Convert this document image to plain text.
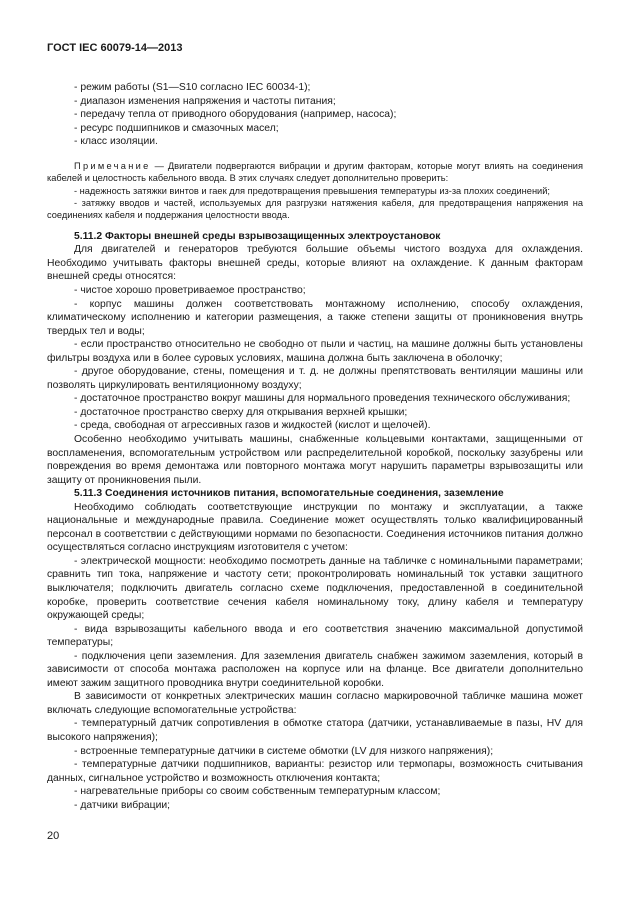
ГОСТ IEC 60079-14—2013

- режим работы (S1—S10 согласно IEC 60034-1);

- диапазон изменения напряжения и частоты питания;

- передачу тепла от приводного оборудования (например, насоса);

- ресурс подшипников и смазочных масел;

- класс изоляции.

Примечание — Двигатели подвергаются вибрации и другим факторам, которые могут влиять на соединения кабелей и целостность кабельного ввода. В этих случаях следует дополнительно проверить:

- надежность затяжки винтов и гаек для предотвращения превышения температуры из-за плохих соединений;

- затяжку вводов и частей, используемых для разгрузки натяжения кабеля, для предотвращения напряжения на соединениях кабеля и поддержания целостности ввода.

5.11.2 Факторы внешней среды взрывозащищенных электроустановок

Для двигателей и генераторов требуются большие объемы чистого воздуха для охлаждения. Необходимо учитывать факторы внешней среды, которые влияют на охлаждение. К данным факторам внешней среды относятся:

- чистое хорошо проветриваемое пространство;

- корпус машины должен соответствовать монтажному исполнению, способу охлаждения, климатическому исполнению и категории размещения, а также степени защиты от проникновения внутрь твердых тел и воды;

- если пространство относительно не свободно от пыли и частиц, на машине должны быть установлены фильтры воздуха или в более суровых условиях, машина должна быть заключена в оболочку;

- другое оборудование, стены, помещения и т. д. не должны препятствовать вентиляции машины или позволять циркулировать вентиляционному воздуху;

- достаточное пространство вокруг машины для нормального проведения технического обслуживания;

- достаточное пространство сверху для открывания верхней крышки;

- среда, свободная от агрессивных газов и жидкостей (кислот и щелочей).

Особенно необходимо учитывать машины, снабженные кольцевыми контактами, защищенными от воспламенения, вспомогательным устройством или распределительной коробкой, поскольку зазубрены или повреждения во время демонтажа или повторного монтажа могут нарушить параметры взрывозащиты или защиту от проникновения пыли.

5.11.3 Соединения источников питания, вспомогательные соединения, заземление

Необходимо соблюдать соответствующие инструкции по монтажу и эксплуатации, а также национальные и международные правила. Соединение может осуществлять только квалифицированный персонал в соответствии с действующими нормами по безопасности. Соединения источников питания должно осуществляться согласно инструкциям изготовителя с учетом:

- электрической мощности: необходимо посмотреть данные на табличке с номинальными параметрами; сравнить тип тока, напряжение и частоту сети; проконтролировать номинальный ток уставки защитного выключателя; подключить двигатель согласно схеме подключения, предоставленной в соединительной коробке, проверить соответствие сечения кабеля номинальному току, длину кабеля и температуру окружающей среды;

- вида взрывозащиты кабельного ввода и его соответствия значению максимальной допустимой температуры;

- подключения цепи заземления. Для заземления двигатель снабжен зажимом заземления, который в зависимости от способа монтажа расположен на корпусе или на фланце. Все двигатели дополнительно имеют зажим защитного проводника внутри соединительной коробки.

В зависимости от конкретных электрических машин согласно маркировочной табличке машина может включать следующие вспомогательные устройства:

- температурный датчик сопротивления в обмотке статора (датчики, устанавливаемые в пазы, HV для высокого напряжения);

- встроенные температурные датчики в системе обмотки (LV для низкого напряжения);

- температурные датчики подшипников, варианты: резистор или термопары, возможность считывания данных, сигнальное устройство и возможность отключения контакта;

- нагревательные приборы со своим собственным температурным классом;

- датчики вибрации;

20
